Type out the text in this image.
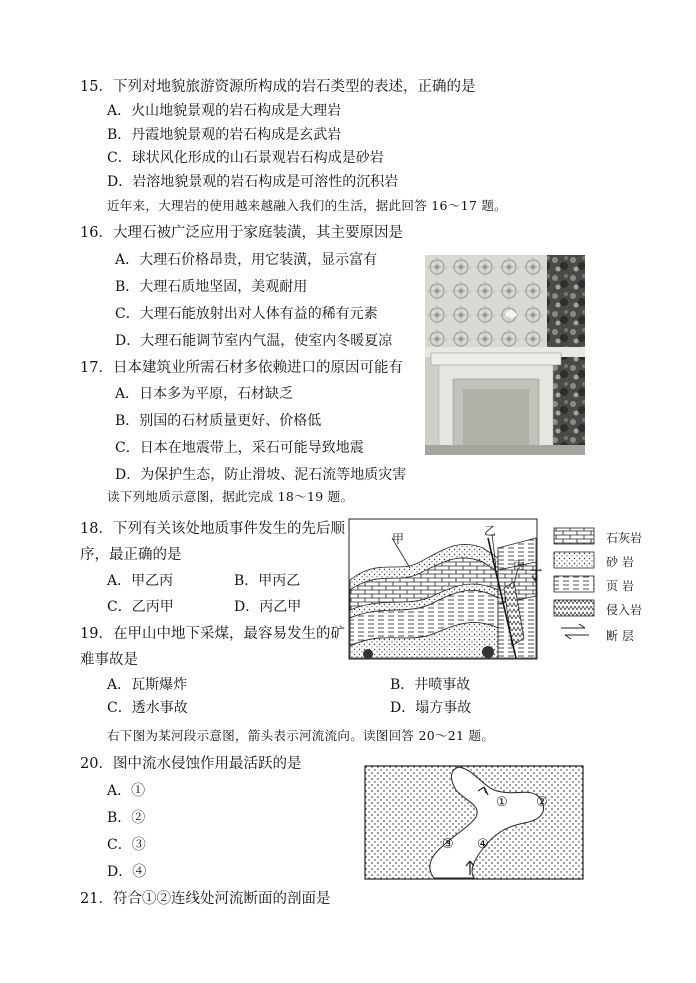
15．下列对地貌旅游资源所构成的岩石类型的表述，正确的是
A．火山地貌景观的岩石构成是大理岩
B．丹霞地貌景观的岩石构成是玄武岩
C．球状风化形成的山石景观岩石构成是砂岩
D．岩溶地貌景观的岩石构成是可溶性的沉积岩
近年来，大理岩的使用越来越融入我们的生活，据此回答 16～17 题。
16．大理石被广泛应用于家庭装潢，其主要原因是
A．大理石价格昂贵，用它装潢，显示富有
B．大理石质地坚固，美观耐用
C．大理石能放射出对人体有益的稀有元素
D．大理石能调节室内气温，使室内冬暖夏凉
17．日本建筑业所需石材多依赖进口的原因可能有
A．日本多为平原，石材缺乏
B．别国的石材质量更好、价格低
C．日本在地震带上，采石可能导致地震
D．为保护生态，防止滑坡、泥石流等地质灾害
读下列地质示意图，据此完成 18～19 题。
18．下列有关该处地质事件发生的先后顺
序，最正确的是
A．甲乙丙	B．甲丙乙
C．乙丙甲	D．丙乙甲
19．在甲山中地下采煤，最容易发生的矿
难事故是
A．瓦斯爆炸	B．井喷事故
C．透水事故	D．塌方事故
甲
乙
丙
丁
石灰岩
砂 岩
页 岩
侵入岩
断 层
右下图为某河段示意图，箭头表示河流流向。读图回答 20～21 题。
20．图中流水侵蚀作用最活跃的是
A．①
B．②
C．③
D．④
① ②
③ ④
21．符合①②连线处河流断面的剖面是
